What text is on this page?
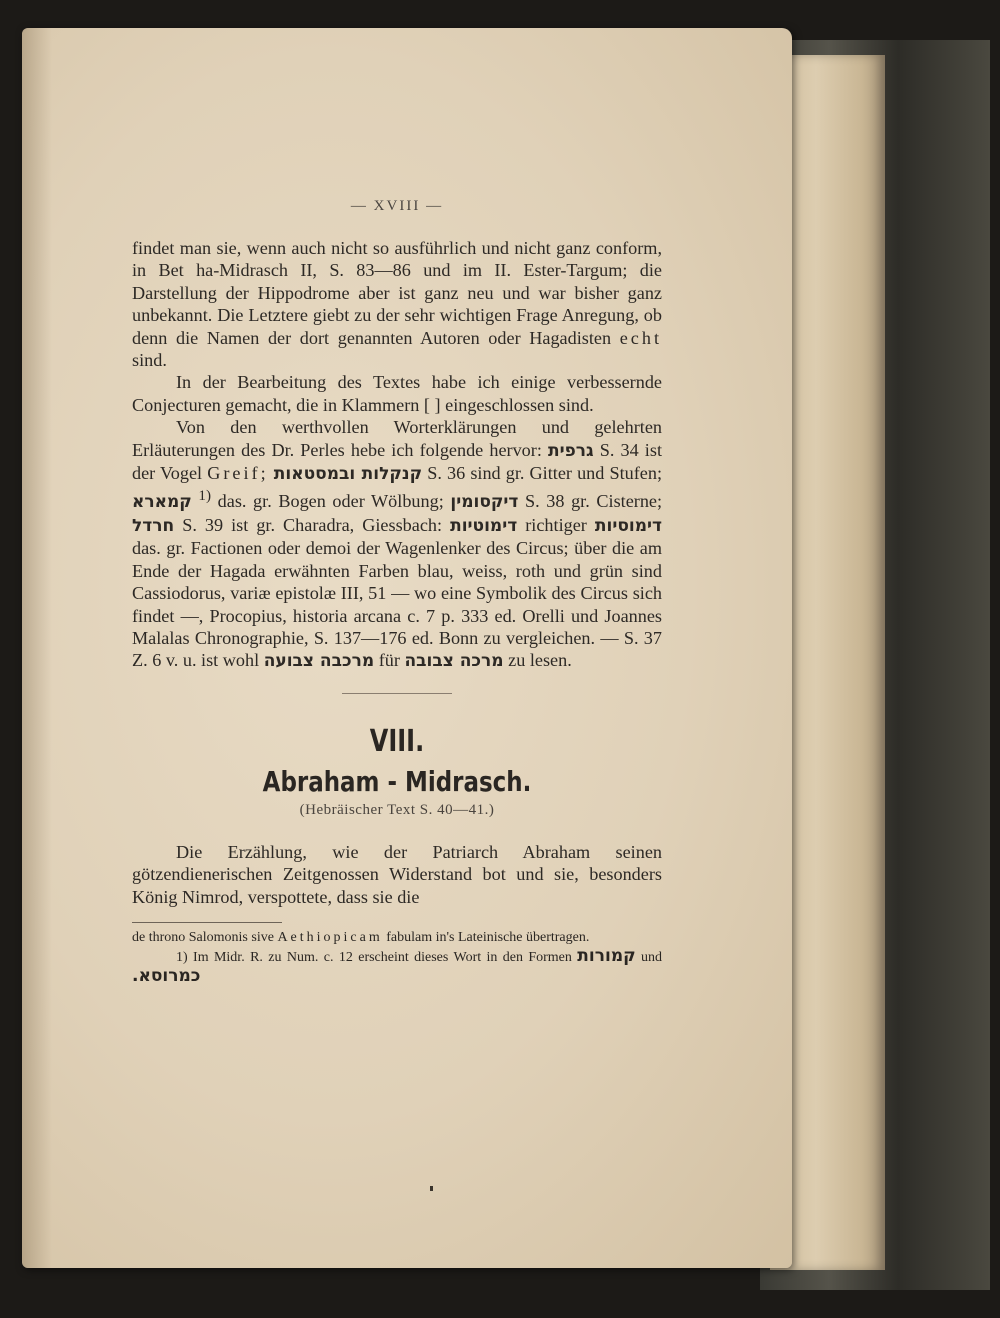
— XVIII —

findet man sie, wenn auch nicht so ausführlich und nicht ganz conform, in Bet ha-Midrasch II, S. 83—86 und im II. Ester-Targum; die Darstellung der Hippodrome aber ist ganz neu und war bisher ganz unbekannt. Die Letztere giebt zu der sehr wichtigen Frage Anregung, ob denn die Namen der dort genannten Autoren oder Hagadisten echt sind.

In der Bearbeitung des Textes habe ich einige verbessernde Conjecturen gemacht, die in Klammern [ ] eingeschlossen sind.

Von den werthvollen Worterklärungen und gelehrten Erläuterungen des Dr. Perles hebe ich folgende hervor: גרפית S. 34 ist der Vogel Greif; קנקלות ובמסטאות S. 36 sind gr. Gitter und Stufen; קמארא $^{1)}$ das. gr. Bogen oder Wölbung; דיקסומין S. 38 gr. Cisterne; חרדל S. 39 ist gr. Charadra, Giessbach: דימוטיות richtiger דימוסיות das. gr. Factionen oder demoi der Wagenlenker des Circus; über die am Ende der Hagada erwähnten Farben blau, weiss, roth und grün sind Cassiodorus, variæ epistolæ III, 51 — wo eine Symbolik des Circus sich findet —, Procopius, historia arcana c. 7 p. 333 ed. Orelli und Joannes Malalas Chronographie, S. 137—176 ed. Bonn zu vergleichen. — S. 37 Z. 6 v. u. ist wohl מרכבה צבועה für מרכה צבובה zu lesen.

VIII.

Abraham - Midrasch.

(Hebräischer Text S. 40—41.)

Die Erzählung, wie der Patriarch Abraham seinen götzendienerischen Zeitgenossen Widerstand bot und sie, besonders König Nimrod, verspottete, dass sie die

de throno Salomonis sive Aethiopicam fabulam in's Lateinische übertragen.

1) Im Midr. R. zu Num. c. 12 erscheint dieses Wort in den Formen קמורות und כמרוסא.
